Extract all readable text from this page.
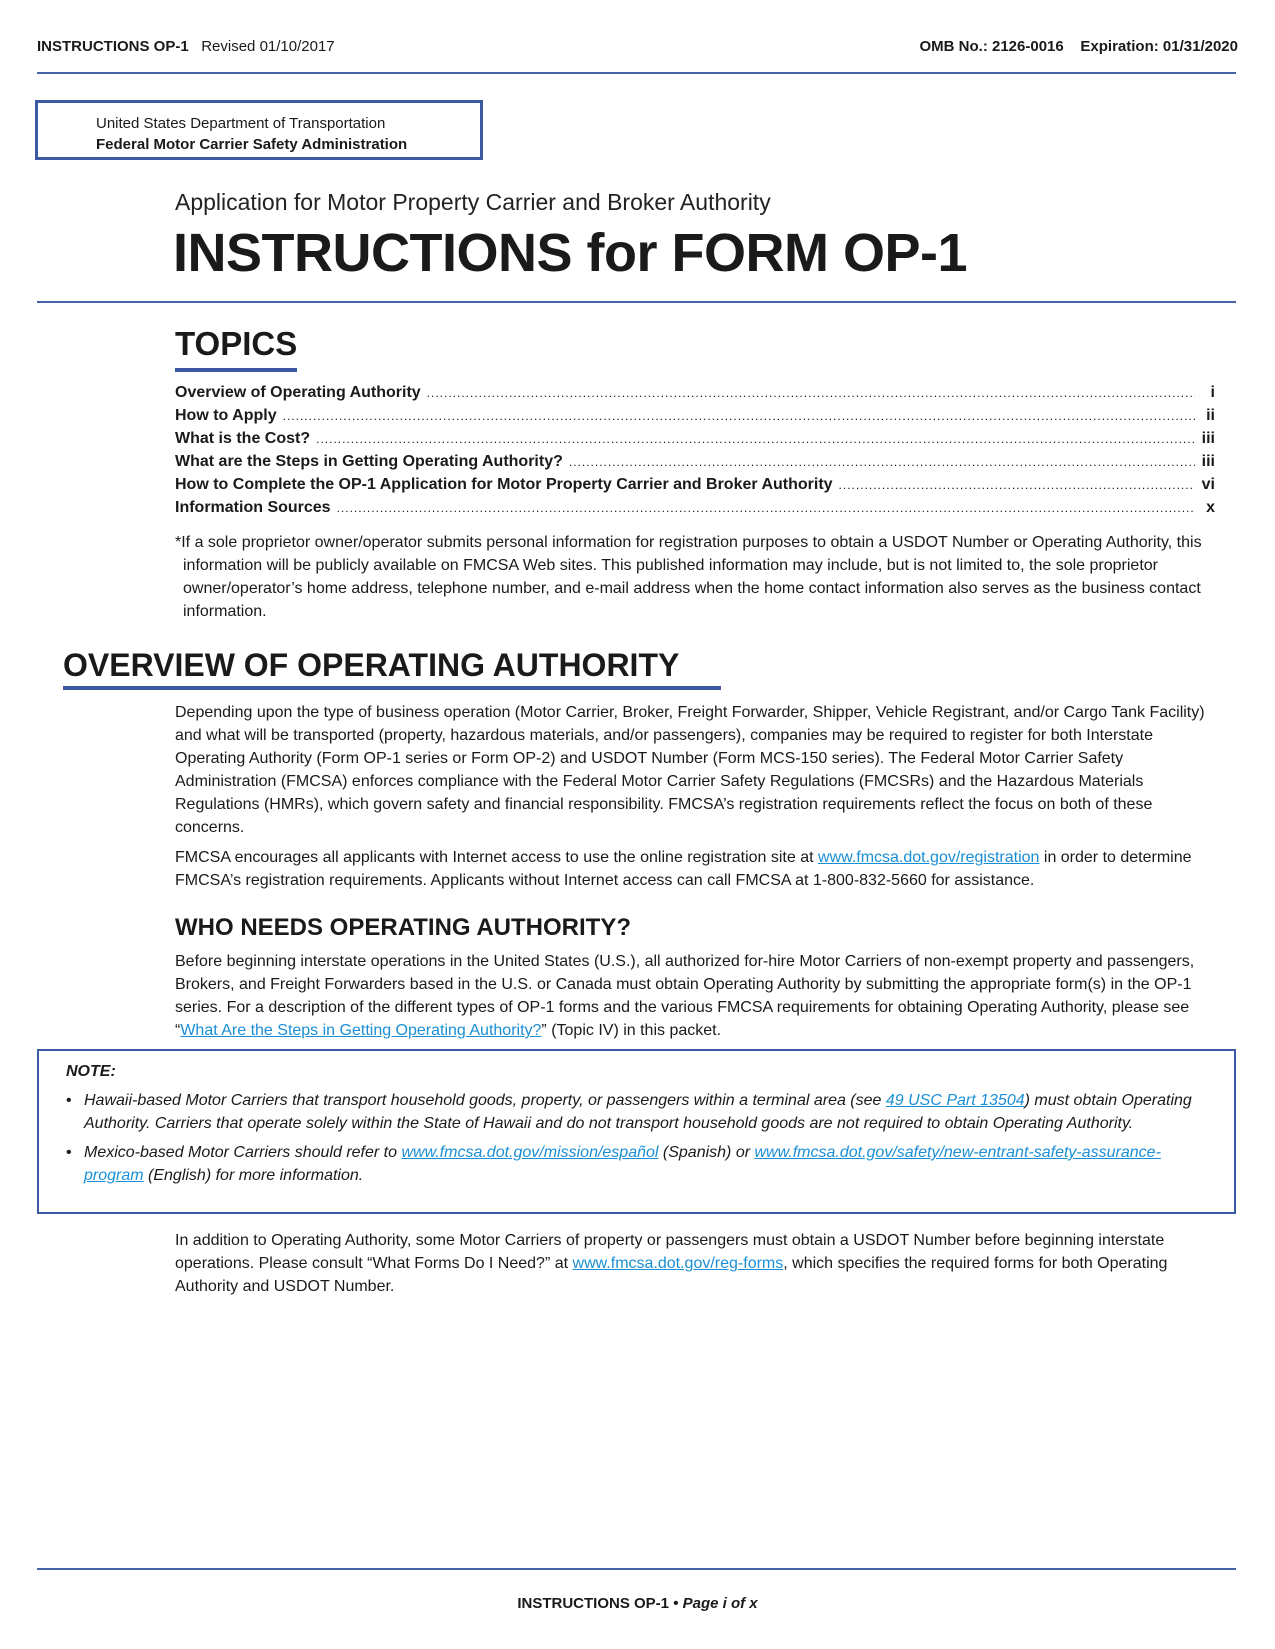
INSTRUCTIONS OP-1 Revised 01/10/2017	OMB No.: 2126-0016 Expiration: 01/31/2020
United States Department of Transportation
Federal Motor Carrier Safety Administration
Application for Motor Property Carrier and Broker Authority
INSTRUCTIONS for FORM OP-1
TOPICS
Overview of Operating Authority .....	i
How to Apply .....	ii
What is the Cost? .....	iii
What are the Steps in Getting Operating Authority? .....	iii
How to Complete the OP-1 Application for Motor Property Carrier and Broker Authority .....	vi
Information Sources .....	x
*If a sole proprietor owner/operator submits personal information for registration purposes to obtain a USDOT Number or Operating Authority, this information will be publicly available on FMCSA Web sites. This published information may include, but is not limited to, the sole proprietor owner/operator’s home address, telephone number, and e-mail address when the home contact information also serves as the business contact information.
OVERVIEW OF OPERATING AUTHORITY
Depending upon the type of business operation (Motor Carrier, Broker, Freight Forwarder, Shipper, Vehicle Registrant, and/or Cargo Tank Facility) and what will be transported (property, hazardous materials, and/or passengers), companies may be required to register for both Interstate Operating Authority (Form OP-1 series or Form OP-2) and USDOT Number (Form MCS-150 series). The Federal Motor Carrier Safety Administration (FMCSA) enforces compliance with the Federal Motor Carrier Safety Regulations (FMCSRs) and the Hazardous Materials Regulations (HMRs), which govern safety and financial responsibility. FMCSA’s registration requirements reflect the focus on both of these concerns.
FMCSA encourages all applicants with Internet access to use the online registration site at www.fmcsa.dot.gov/registration in order to determine FMCSA’s registration requirements. Applicants without Internet access can call FMCSA at 1-800-832-5660 for assistance.
WHO NEEDS OPERATING AUTHORITY?
Before beginning interstate operations in the United States (U.S.), all authorized for-hire Motor Carriers of non-exempt property and passengers, Brokers, and Freight Forwarders based in the U.S. or Canada must obtain Operating Authority by submitting the appropriate form(s) in the OP-1 series. For a description of the different types of OP-1 forms and the various FMCSA requirements for obtaining Operating Authority, please see “What Are the Steps in Getting Operating Authority?” (Topic IV) in this packet.
NOTE:
• Hawaii-based Motor Carriers that transport household goods, property, or passengers within a terminal area (see 49 USC Part 13504) must obtain Operating Authority. Carriers that operate solely within the State of Hawaii and do not transport household goods are not required to obtain Operating Authority.
• Mexico-based Motor Carriers should refer to www.fmcsa.dot.gov/mission/español (Spanish) or www.fmcsa.dot.gov/safety/new-entrant-safety-assurance-program (English) for more information.
In addition to Operating Authority, some Motor Carriers of property or passengers must obtain a USDOT Number before beginning interstate operations. Please consult “What Forms Do I Need?” at www.fmcsa.dot.gov/reg-forms, which specifies the required forms for both Operating Authority and USDOT Number.
INSTRUCTIONS OP-1 • Page i of x
